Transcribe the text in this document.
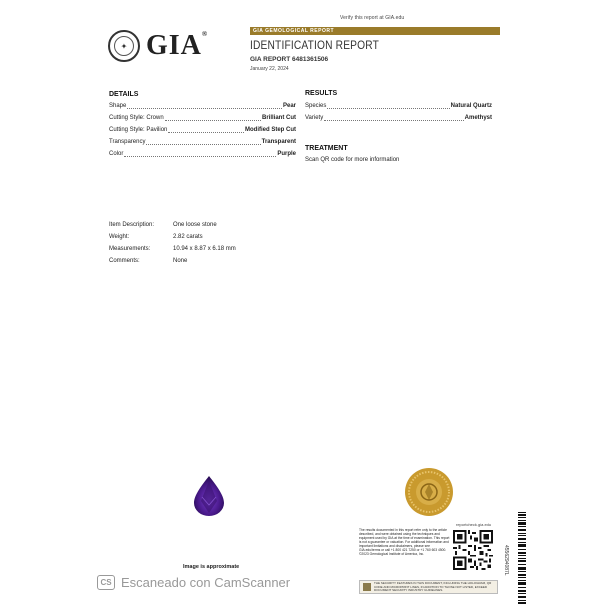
Verify this report at GIA.edu
✦ GIA®	GIA GEMOLOGICAL REPORT
IDENTIFICATION REPORT
GIA REPORT 6481361506
January 22, 2024
DETAILS
Shape	Pear
Cutting Style: Crown	Brilliant Cut
Cutting Style: Pavilion	Modified Step Cut
Transparency	Transparent
Color	Purple
RESULTS
Species	Natural Quartz
Variety	Amethyst
TREATMENT
Scan QR code for more information
Item Description:	One loose stone
Weight:	2.82 carats
Measurements:	10.94 x 8.87 x 6.18 mm
Comments:	None
Image is approximate
reportcheck.gia.edu
The results documented in this report refer only to the article described, and were obtained using the techniques and equipment used by GIA at the time of examination. This report is not a guarantee or valuation. For additional information and important limitations and disclaimers, please see GIA.edu/terms or call +1 800 421 7250 or +1 760 603 4500. ©2023 Gemological Institute of America, Inc.
THE SECURITY FEATURES IN THIS DOCUMENT, INCLUDING THE HOLOGRAM, QR CODE AND MICROPRINT LINES, IN ADDITION TO THOSE NOT LISTED, EXCEED DOCUMENT SECURITY INDUSTRY GUIDELINES.
4556294087L
CS Escaneado con CamScanner
